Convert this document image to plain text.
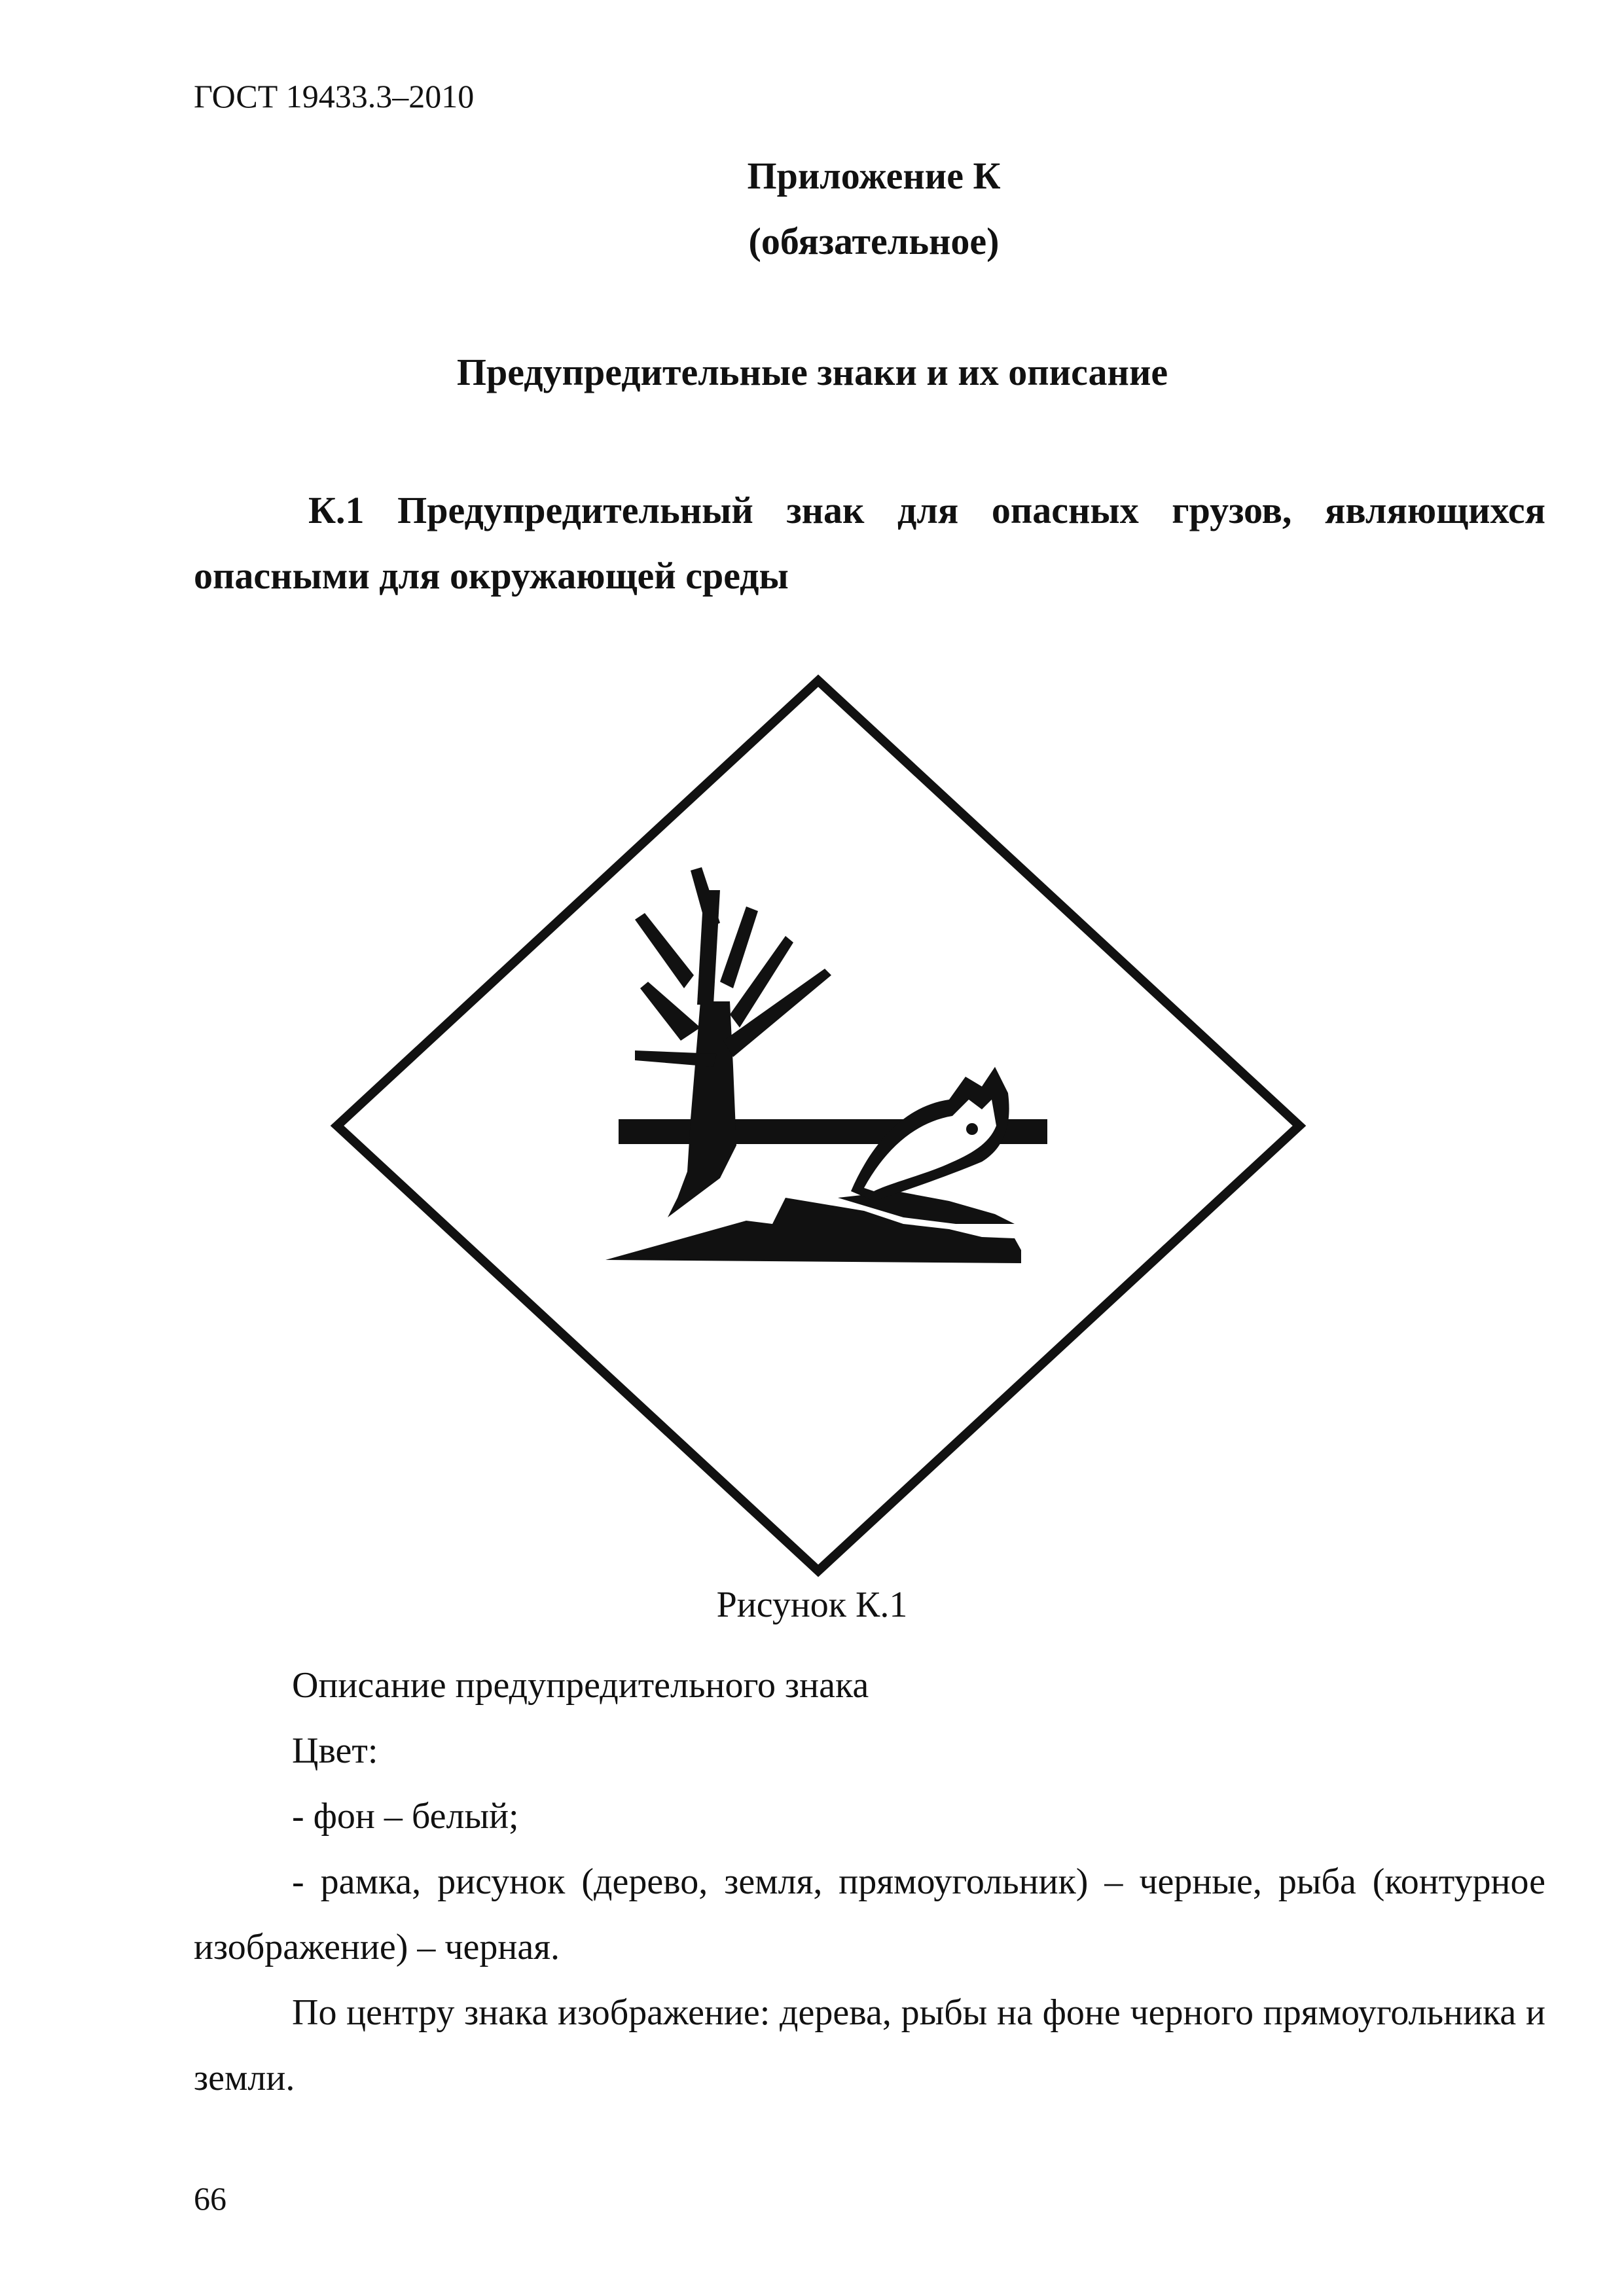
ГОСТ 19433.3–2010
Приложение К
(обязательное)
Предупредительные знаки и их описание
К.1 Предупредительный знак для опасных грузов, являющихся опасными для окружающей среды
Рисунок К.1
Описание предупредительного знака
Цвет:
- фон – белый;
- рамка, рисунок (дерево, земля, прямоугольник) – черные, рыба (контурное изображение) – черная.
По центру знака изображение: дерева, рыбы на фоне черного прямоугольника и земли.
66
